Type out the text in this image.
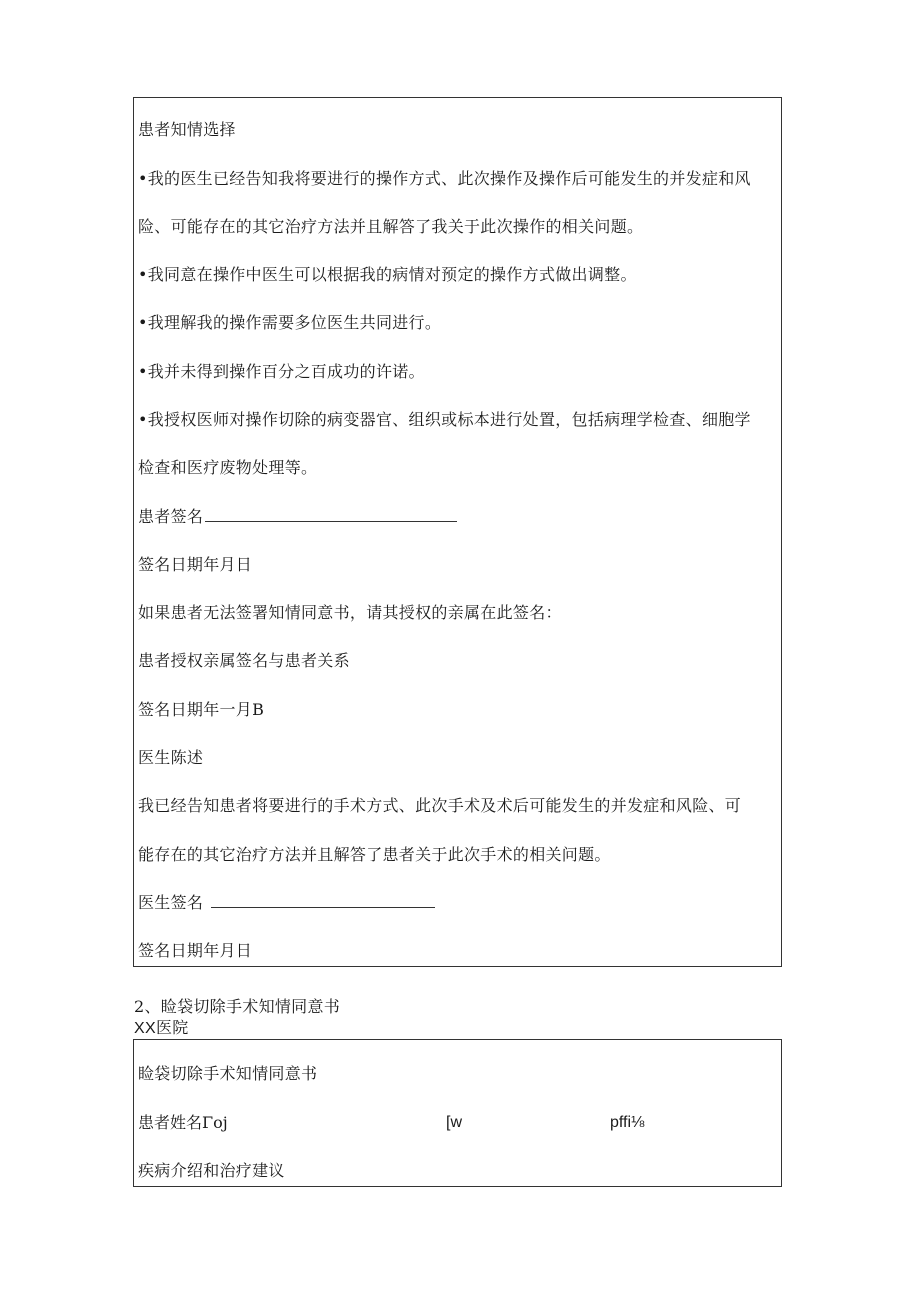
患者知情选择
•我的医生已经告知我将要进行的操作方式、此次操作及操作后可能发生的并发症和风
险、可能存在的其它治疗方法并且解答了我关于此次操作的相关问题。
•我同意在操作中医生可以根据我的病情对预定的操作方式做出调整。
•我理解我的操作需要多位医生共同进行。
•我并未得到操作百分之百成功的许诺。
•我授权医师对操作切除的病变器官、组织或标本进行处置，包括病理学检查、细胞学
检查和医疗废物处理等。
患者签名
签名日期年月日
如果患者无法签署知情同意书，请其授权的亲属在此签名：
患者授权亲属签名与患者关系
签名日期年一月B
医生陈述
我已经告知患者将要进行的手术方式、此次手术及术后可能发生的并发症和风险、可
能存在的其它治疗方法并且解答了患者关于此次手术的相关问题。
医生签名
签名日期年月日
2、睑袋切除手术知情同意书
XX医院
睑袋切除手术知情同意书
患者姓名Γoj	[w	pffi⅛
疾病介绍和治疗建议
